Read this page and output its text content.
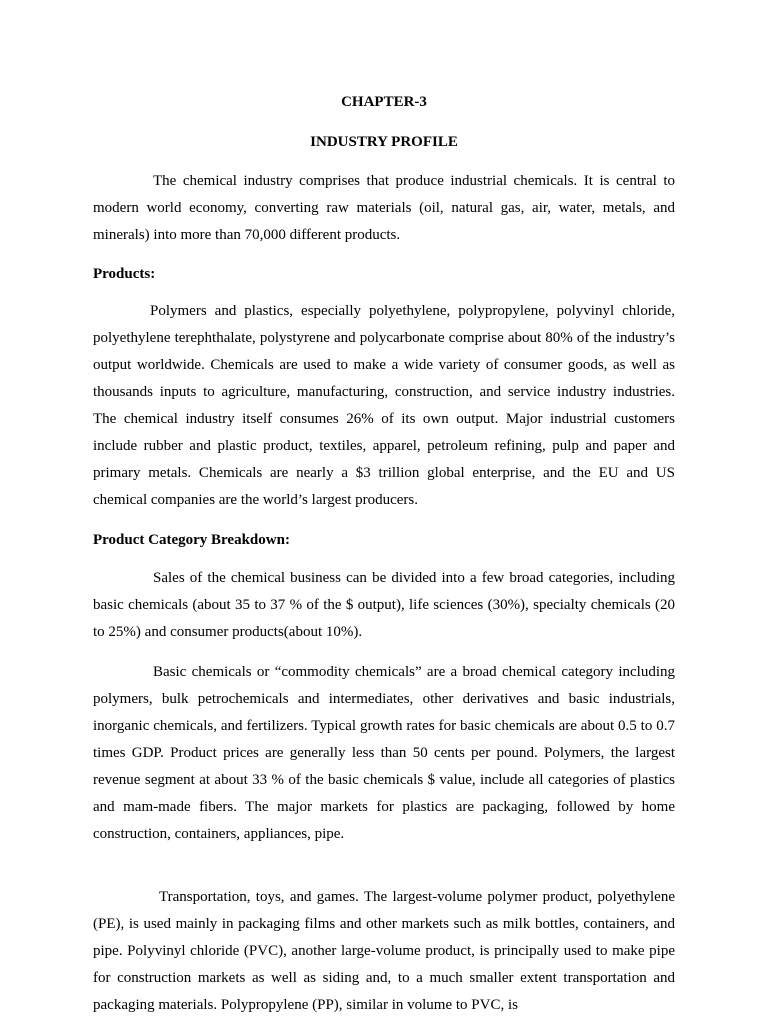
CHAPTER-3
INDUSTRY PROFILE

The chemical industry comprises that produce industrial chemicals. It is central to modern world economy, converting raw materials (oil, natural gas, air, water, metals, and minerals) into more than 70,000 different products.

Products:

Polymers and plastics, especially polyethylene, polypropylene, polyvinyl chloride, polyethylene terephthalate, polystyrene and polycarbonate comprise about 80% of the industry’s output worldwide. Chemicals are used to make a wide variety of consumer goods, as well as thousands inputs to agriculture, manufacturing, construction, and service industry industries. The chemical industry itself consumes 26% of its own output. Major industrial customers include rubber and plastic product, textiles, apparel, petroleum refining, pulp and paper and primary metals. Chemicals are nearly a $3 trillion global enterprise, and the EU and US chemical companies are the world’s largest producers.

Product Category Breakdown:

Sales of the chemical business can be divided into a few broad categories, including basic chemicals (about 35 to 37 % of the $ output), life sciences (30%), specialty chemicals (20 to 25%) and consumer products(about 10%).

Basic chemicals or “commodity chemicals” are a broad chemical category including polymers, bulk petrochemicals and intermediates, other derivatives and basic industrials, inorganic chemicals, and fertilizers. Typical growth rates for basic chemicals are about 0.5 to 0.7 times GDP. Product prices are generally less than 50 cents per pound. Polymers, the largest revenue segment at about 33 % of the basic chemicals $ value, include all categories of plastics and mam-made fibers. The major markets for plastics are packaging, followed by home construction, containers, appliances, pipe.

Transportation, toys, and games. The largest-volume polymer product, polyethylene (PE), is used mainly in packaging films and other markets such as milk bottles, containers, and pipe. Polyvinyl chloride (PVC), another large-volume product, is principally used to make pipe for construction markets as well as siding and, to a much smaller extent transportation and packaging materials. Polypropylene (PP), similar in volume to PVC, is
